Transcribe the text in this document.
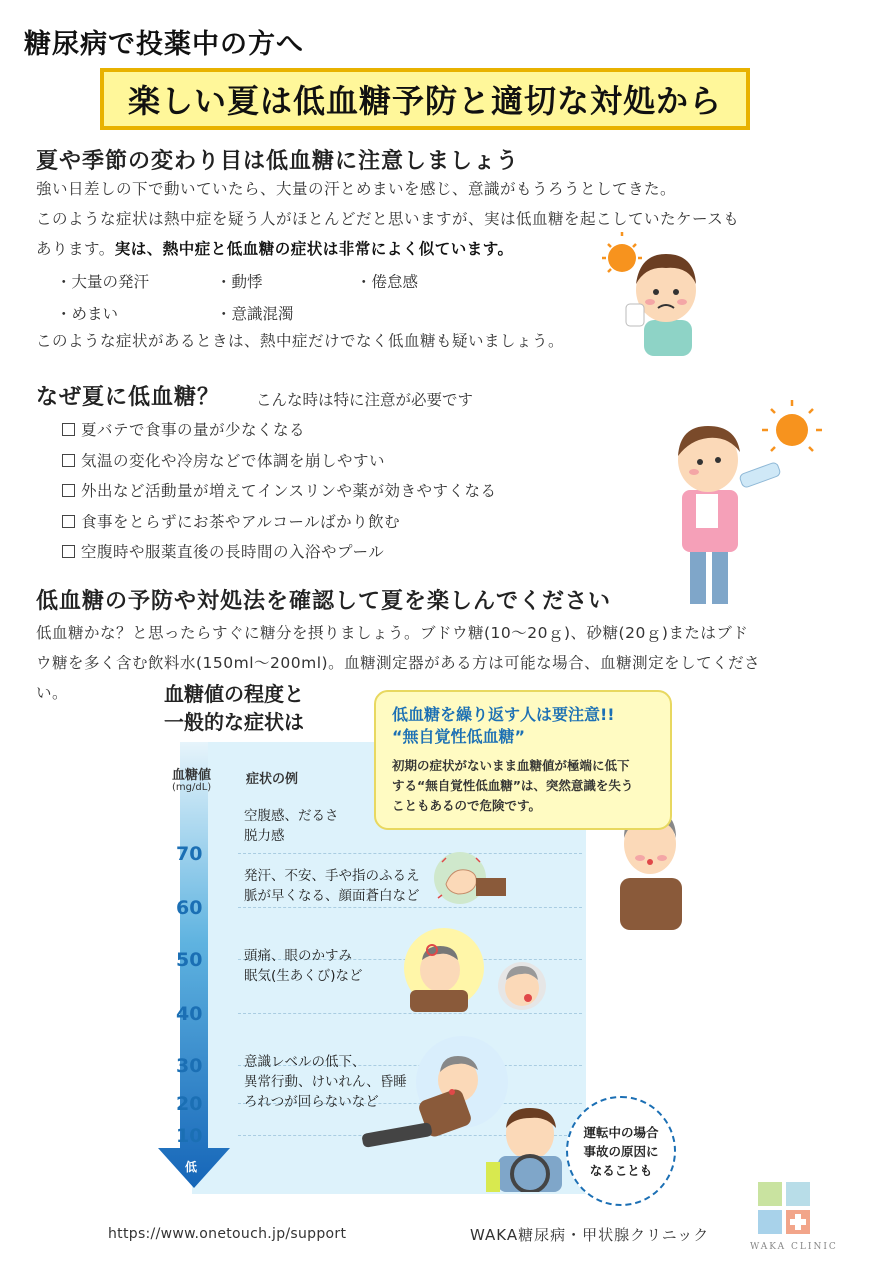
糖尿病で投薬中の方へ
楽しい夏は低血糖予防と適切な対処から
夏や季節の変わり目は低血糖に注意しましょう
強い日差しの下で動いていたら、大量の汗とめまいを感じ、意識がもうろうとしてきた。
このような症状は熱中症を疑う人がほとんどだと思いますが、実は低血糖を起こしていたケースも
あります。実は、熱中症と低血糖の症状は非常によく似ています。
・大量の発汗	・動悸	・倦怠感
・めまい	・意識混濁
このような症状があるときは、熱中症だけでなく低血糖も疑いましょう。
なぜ夏に低血糖？ こんな時は特に注意が必要です
夏バテで食事の量が少なくなる
気温の変化や冷房などで体調を崩しやすい
外出など活動量が増えてインスリンや薬が効きやすくなる
食事をとらずにお茶やアルコールばかり飲む
空腹時や服薬直後の長時間の入浴やプール
低血糖の予防や対処法を確認して夏を楽しんでください
低血糖かな？と思ったらすぐに糖分を摂りましょう。ブドウ糖(10～20ｇ)、砂糖(20ｇ)またはブド
ウ糖を多く含む飲料水(150ml～200ml)。血糖測定器がある方は可能な場合、血糖測定をしてくださ
い。	血糖値の程度と
一般的な症状は
血糖値
(mg/dL)
症状の例
70
60
50
40
30
20
10
低
空腹感、だるさ
脱力感
発汗、不安、手や指のふるえ
脈が早くなる、顔面蒼白など
頭痛、眼のかすみ
眠気(生あくび)など
意識レベルの低下、
異常行動、けいれん、昏睡
ろれつが回らないなど
運転中の場合
事故の原因に
なることも
低血糖を繰り返す人は要注意!!
“無自覚性低血糖”
初期の症状がないまま血糖値が極端に低下
する“無自覚性低血糖”は、突然意識を失う
こともあるので危険です。
https://www.onetouch.jp/support	WAKA糖尿病・甲状腺クリニック
WAKA CLINIC
